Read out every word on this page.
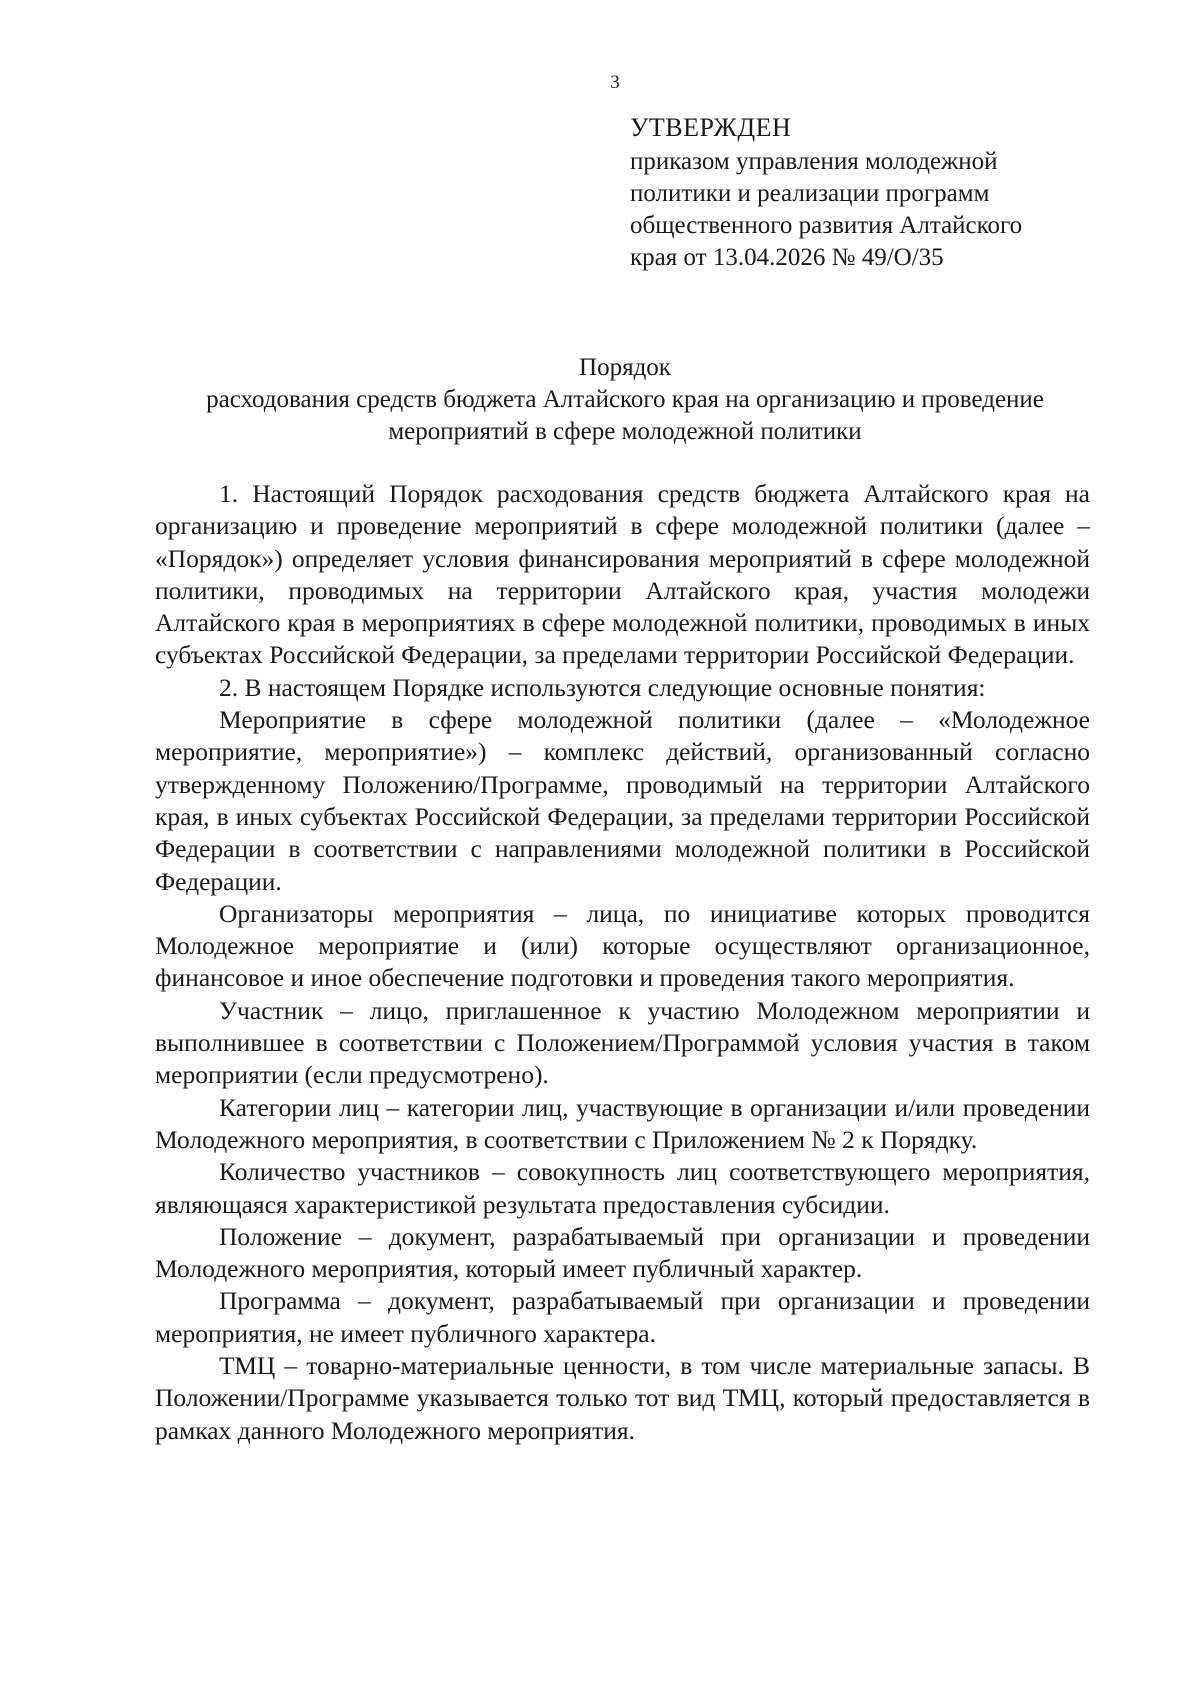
3
УТВЕРЖДЕН
приказом управления молодежной
политики и реализации программ
общественного развития Алтайского
края от 13.04.2026 № 49/О/35
Порядок
расходования средств бюджета Алтайского края на организацию и проведение
мероприятий в сфере молодежной политики

1. Настоящий Порядок расходования средств бюджета Алтайского края на организацию и проведение мероприятий в сфере молодежной политики (далее – «Порядок») определяет условия финансирования мероприятий в сфере молодежной политики, проводимых на территории Алтайского края, участия молодежи Алтайского края в мероприятиях в сфере молодежной политики, проводимых в иных субъектах Российской Федерации, за пределами территории Российской Федерации.

2. В настоящем Порядке используются следующие основные понятия:

Мероприятие в сфере молодежной политики (далее – «Молодежное мероприятие, мероприятие») – комплекс действий, организованный согласно утвержденному Положению/Программе, проводимый на территории Алтайского края, в иных субъектах Российской Федерации, за пределами территории Российской Федерации в соответствии с направлениями молодежной политики в Российской Федерации.

Организаторы мероприятия – лица, по инициативе которых проводится Молодежное мероприятие и (или) которые осуществляют организационное, финансовое и иное обеспечение подготовки и проведения такого мероприятия.

Участник – лицо, приглашенное к участию Молодежном мероприятии и выполнившее в соответствии с Положением/Программой условия участия в таком мероприятии (если предусмотрено).

Категории лиц – категории лиц, участвующие в организации и/или проведении Молодежного мероприятия, в соответствии с Приложением № 2 к Порядку.

Количество участников – совокупность лиц соответствующего мероприятия, являющаяся характеристикой результата предоставления субсидии.

Положение – документ, разрабатываемый при организации и проведении Молодежного мероприятия, который имеет публичный характер.

Программа – документ, разрабатываемый при организации и проведении мероприятия, не имеет публичного характера.

ТМЦ – товарно-материальные ценности, в том числе материальные запасы. В Положении/Программе указывается только тот вид ТМЦ, который предоставляется в рамках данного Молодежного мероприятия.
